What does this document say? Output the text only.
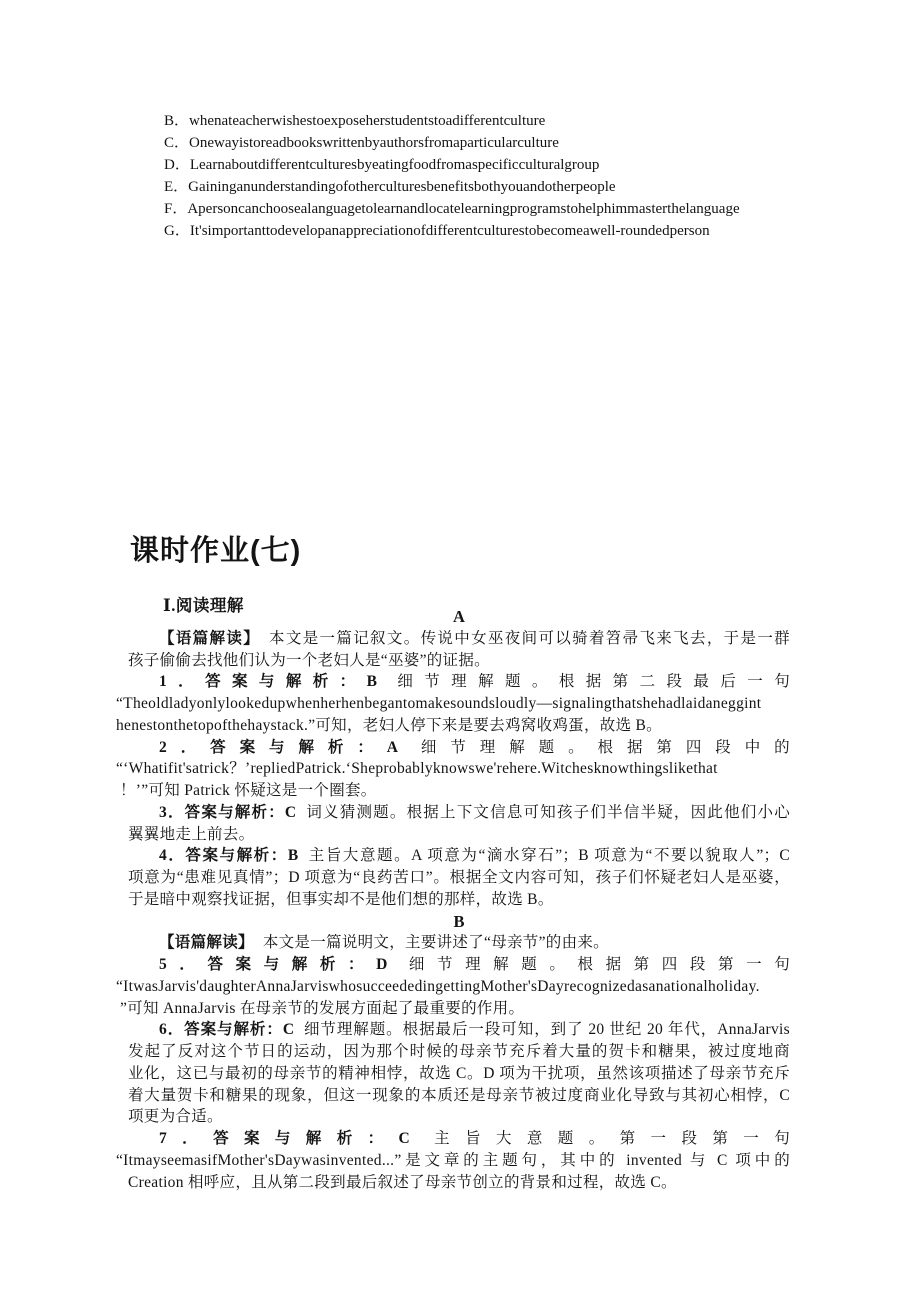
B．whenateacherwishestoexposeherstudentstoadifferentculture
C．Onewayistoreadbookswrittenbyauthorsfromaparticularculture
D．Learnaboutdifferentculturesbyeatingfoodfromaspecificculturalgroup
E．Gaininganunderstandingofotherculturesbenefitsbothyouandotherpeople
F．Apersoncanchoosealanguagetolearnandlocatelearningprogramstohelphimmasterthelanguage
G．It'simportanttodevelopanappreciationofdifferentculturestobecomeawell-roundedperson
课时作业(七)
Ⅰ.阅读理解
A
【语篇解读】 本文是一篇记叙文。传说中女巫夜间可以骑着笤帚飞来飞去，于是一群
孩子偷偷去找他们认为一个老妇人是“巫婆”的证据。
1．答案与解析：B 细节理解题。根据第二段最后一句
“Theoldladyonlylookedupwhenherhenbegantomakesoundsloudly—signalingthatshehadlaidaneggint
henestonthetopofthehaystack.”可知，老妇人停下来是要去鸡窝收鸡蛋，故选 B。
2．答案与解析：A 细节理解题。根据第四段中的
“‘Whatifit'satrick？’repliedPatrick.‘Sheprobablyknowswe'rehere.Witchesknowthingslikethat
！’”可知 Patrick 怀疑这是一个圈套。
3．答案与解析：C 词义猜测题。根据上下文信息可知孩子们半信半疑，因此他们小心
翼翼地走上前去。
4．答案与解析：B 主旨大意题。A 项意为“滴水穿石”；B 项意为“不要以貌取人”；C
项意为“患难见真情”；D 项意为“良药苦口”。根据全文内容可知，孩子们怀疑老妇人是巫婆，
于是暗中观察找证据，但事实却不是他们想的那样，故选 B。
B
【语篇解读】 本文是一篇说明文，主要讲述了“母亲节”的由来。
5．答案与解析：D 细节理解题。根据第四段第一句
“ItwasJarvis'daughterAnnaJarviswhosucceededingettingMother'sDayrecognizedasanationalholiday.
”可知 AnnaJarvis 在母亲节的发展方面起了最重要的作用。
6．答案与解析：C 细节理解题。根据最后一段可知，到了 20 世纪 20 年代，AnnaJarvis
发起了反对这个节日的运动，因为那个时候的母亲节充斥着大量的贺卡和糖果，被过度地商
业化，这已与最初的母亲节的精神相悖，故选 C。D 项为干扰项，虽然该项描述了母亲节充斥
着大量贺卡和糖果的现象，但这一现象的本质还是母亲节被过度商业化导致与其初心相悖，C
项更为合适。
7．答案与解析：C 主旨大意题。第一段第一句
“ItmayseemasifMother'sDaywasinvented...”是文章的主题句，其中的 invented 与 C 项中的
Creation 相呼应，且从第二段到最后叙述了母亲节创立的背景和过程，故选 C。
